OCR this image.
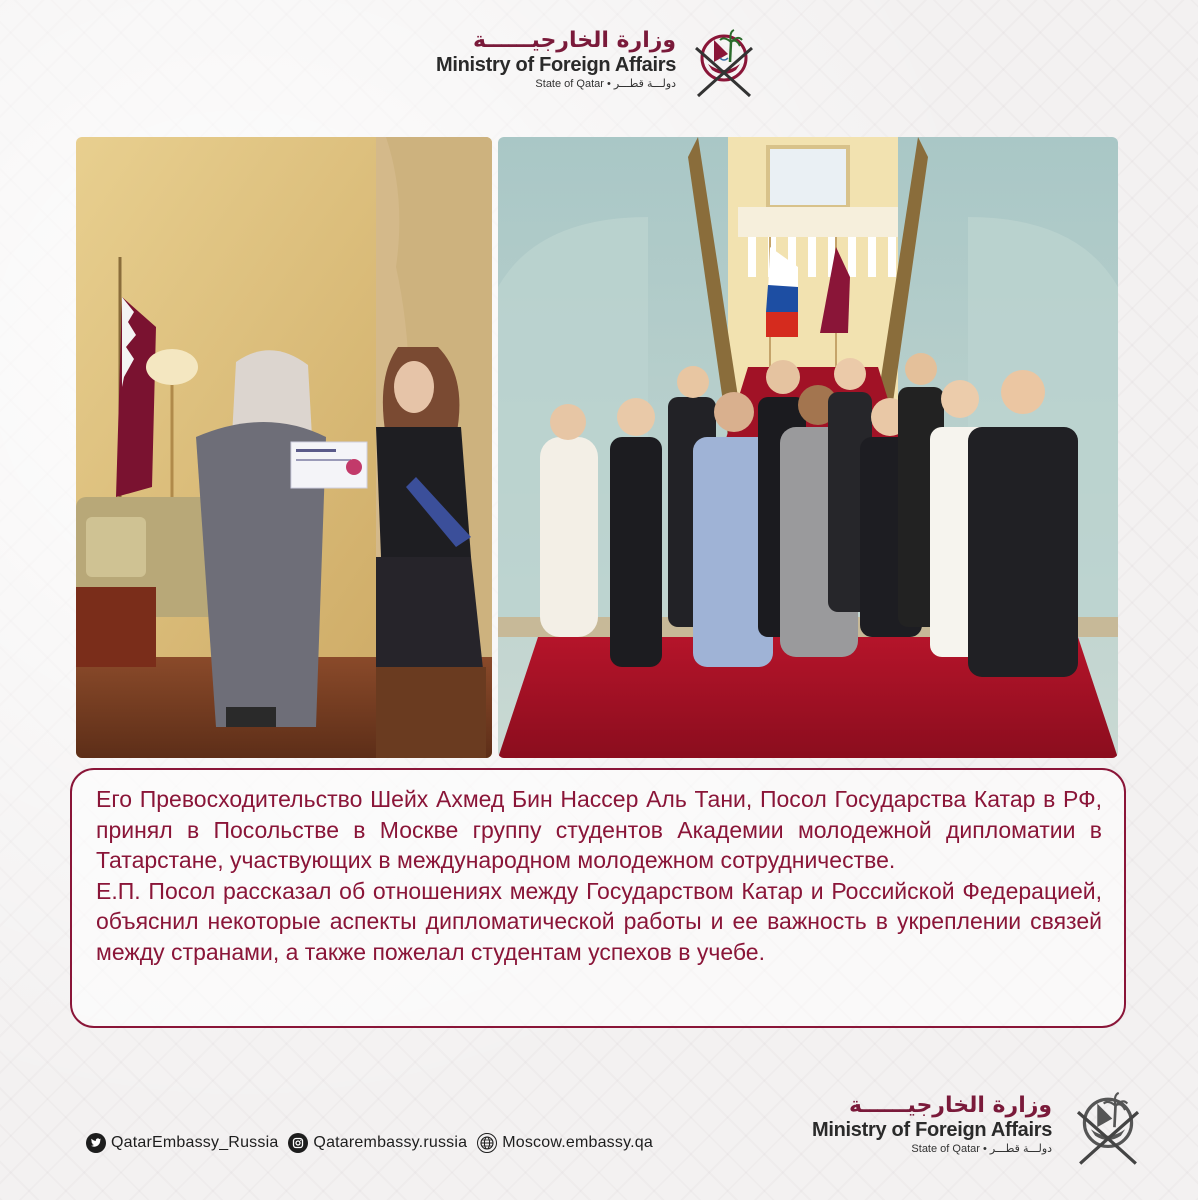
وزارة الخارجيــــــة
Ministry of Foreign Affairs
State of Qatar • دولـــة قطـــر

Его Превосходительство Шейх Ахмед Бин Нассер Аль Тани, Посол Государства Катар в РФ, принял в Посольстве в Москве группу студентов Академии молодежной дипломатии в Татарстане, участвующих в международном молодежном сотрудничестве.

Е.П. Посол рассказал об отношениях между Государством Катар и Российской Федерацией, объяснил некоторые аспекты дипломатической работы и ее важность в укреплении связей между странами, а также пожелал студентам успехов в учебе.

QatarEmbassy_Russia Qatarembassy.russia Moscow.embassy.qa
وزارة الخارجيــــــة
Ministry of Foreign Affairs
State of Qatar • دولـــة قطـــر
